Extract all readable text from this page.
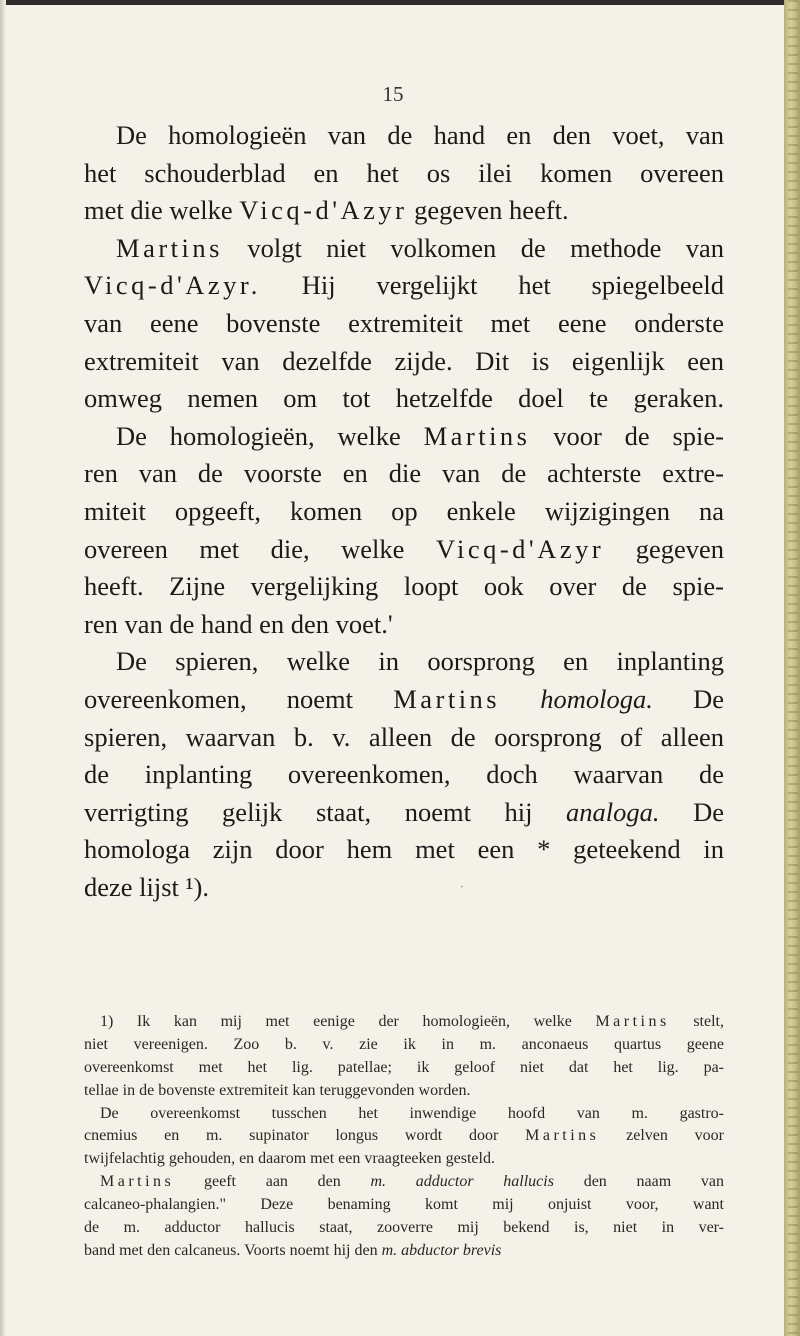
15
De homologieën van de hand en den voet, van
het schouderblad en het os ilei komen overeen
met die welke Vicq-d'Azyr gegeven heeft.
Martins volgt niet volkomen de methode van
Vicq-d'Azyr. Hij vergelijkt het spiegelbeeld
van eene bovenste extremiteit met eene onderste
extremiteit van dezelfde zijde. Dit is eigenlijk een
omweg nemen om tot hetzelfde doel te geraken.
De homologieën, welke Martins voor de spie-
ren van de voorste en die van de achterste extre-
miteit opgeeft, komen op enkele wijzigingen na
overeen met die, welke Vicq-d'Azyr gegeven
heeft. Zijne vergelijking loopt ook over de spie-
ren van de hand en den voet.'
De spieren, welke in oorsprong en inplanting
overeenkomen, noemt Martins homologa. De
spieren, waarvan b. v. alleen de oorsprong of alleen
de inplanting overeenkomen, doch waarvan de
verrigting gelijk staat, noemt hij analoga. De
homologa zijn door hem met een * geteekend in
deze lijst ¹).	·
1) Ik kan mij met eenige der homologieën, welke Martins stelt,
niet vereenigen. Zoo b. v. zie ik in m. anconaeus quartus geene
overeenkomst met het lig. patellae; ik geloof niet dat het lig. pa-
tellae in de bovenste extremiteit kan teruggevonden worden.
De overeenkomst tusschen het inwendige hoofd van m. gastro-
cnemius en m. supinator longus wordt door Martins zelven voor
twijfelachtig gehouden, en daarom met een vraagteeken gesteld.
Martins geeft aan den m. adductor hallucis den naam van
calcaneo-phalangien." Deze benaming komt mij onjuist voor, want
de m. adductor hallucis staat, zooverre mij bekend is, niet in ver-
band met den calcaneus. Voorts noemt hij den m. abductor brevis
